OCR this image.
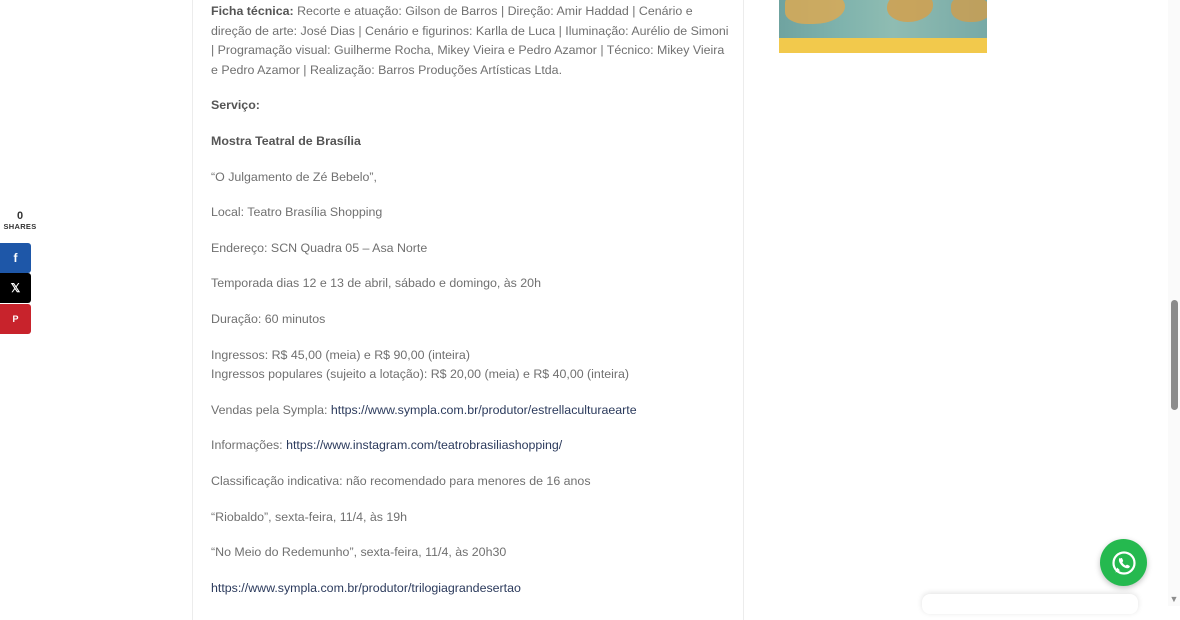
Ficha técnica: Recorte e atuação: Gilson de Barros | Direção: Amir Haddad | Cenário e direção de arte: José Dias | Cenário e figurinos: Karlla de Luca | Iluminação: Aurélio de Simoni | Programação visual: Guilherme Rocha, Mikey Vieira e Pedro Azamor | Técnico: Mikey Vieira e Pedro Azamor | Realização: Barros Produções Artísticas Ltda.

Serviço:

Mostra Teatral de Brasília

“O Julgamento de Zé Bebelo”,

Local: Teatro Brasília Shopping

Endereço: SCN Quadra 05 – Asa Norte

Temporada dias 12 e 13 de abril, sábado e domingo, às 20h

Duração: 60 minutos

Ingressos: R$ 45,00 (meia) e R$ 90,00 (inteira)
Ingressos populares (sujeito a lotação): R$ 20,00 (meia) e R$ 40,00 (inteira)

Vendas pela Sympla: https://www.sympla.com.br/produtor/estrellaculturaearte

Informações: https://www.instagram.com/teatrobrasiliashopping/

Classificação indicativa: não recomendado para menores de 16 anos

“Riobaldo”, sexta-feira, 11/4, às 19h

“No Meio do Redemunho”, sexta-feira, 11/4, às 20h30

https://www.sympla.com.br/produtor/trilogiagrandesertao

0
SHARES
f
𝕏
P
▼
